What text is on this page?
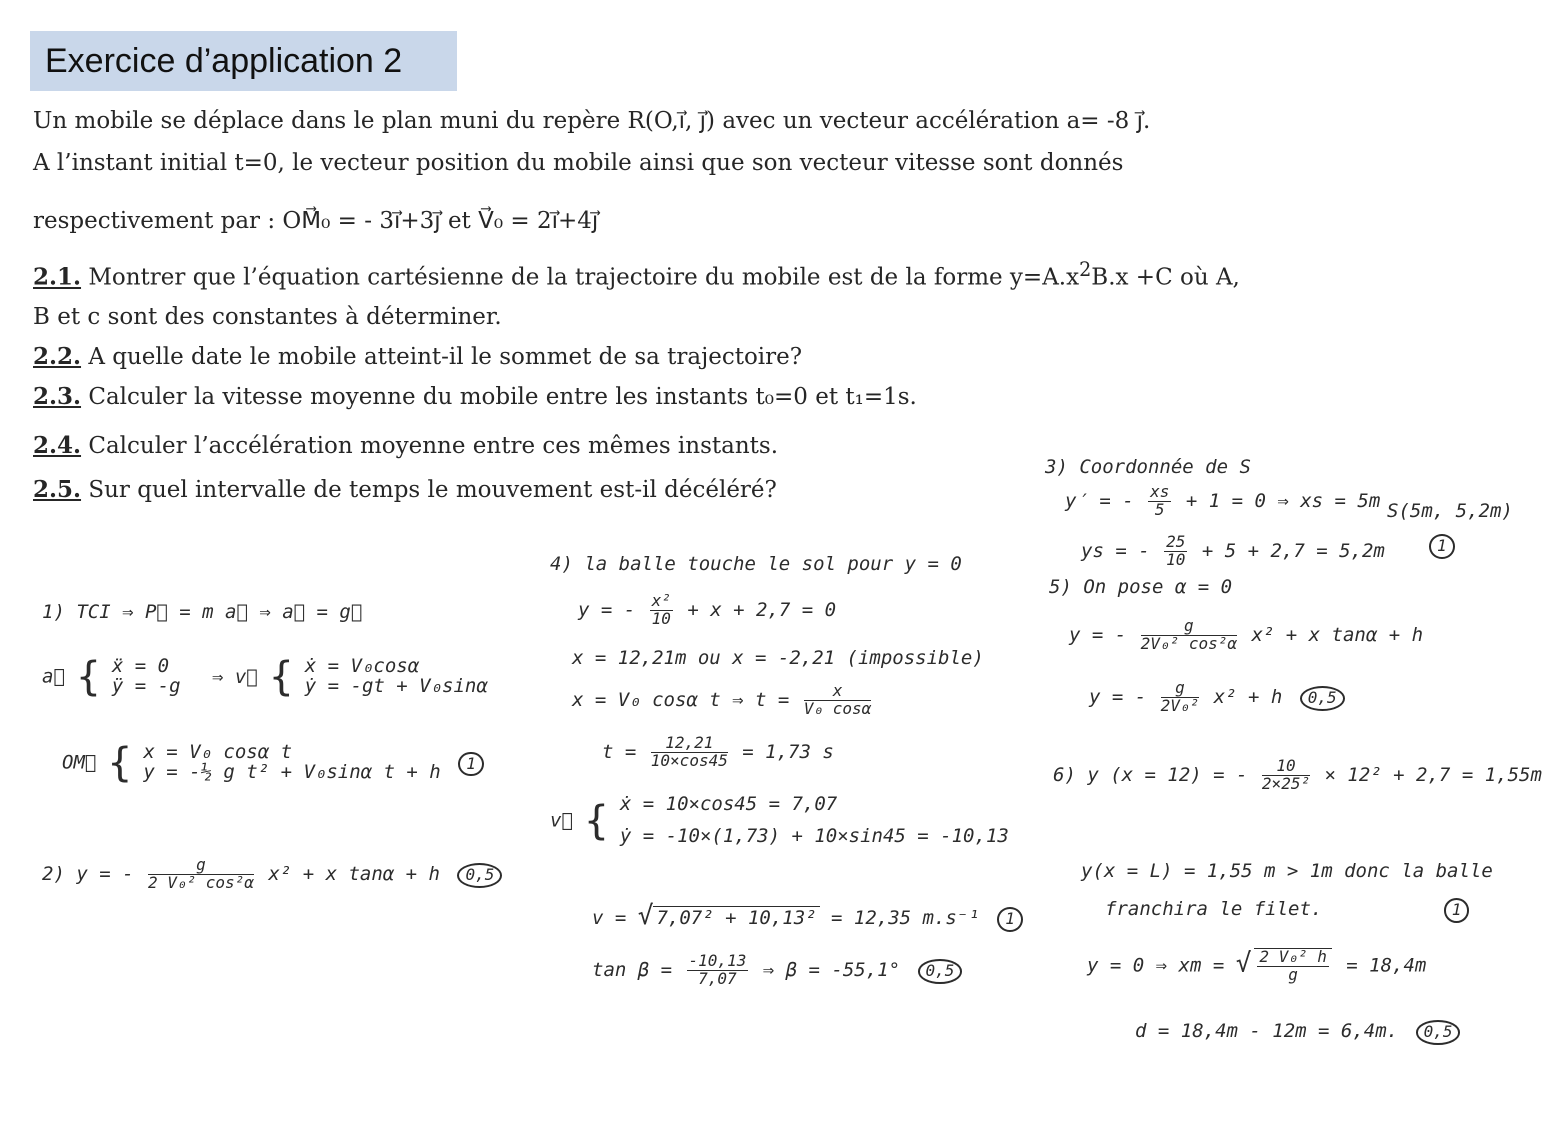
Exercice d’application 2
Un mobile se déplace dans le plan muni du repère R(O,i⃗, j⃗) avec un vecteur accélération a= -8 j⃗.
A l’instant initial t=0, le vecteur position du mobile ainsi que son vecteur vitesse sont donnés
respectivement par : OM⃗₀ = - 3i⃗+3j⃗ et V⃗₀ = 2i⃗+4j⃗
2.1. Montrer que l’équation cartésienne de la trajectoire du mobile est de la forme $y=A.x^2B.x +C$ où A,
B et c sont des constantes à déterminer.
2.2. A quelle date le mobile atteint-il le sommet de sa trajectoire?
2.3. Calculer la vitesse moyenne du mobile entre les instants t₀=0 et t₁=1s.
2.4. Calculer l’accélération moyenne entre ces mêmes instants.
2.5. Sur quel intervalle de temps le mouvement est-il décéléré?
1) TCI ⇒ P⃗ = m a⃗ ⇒ a⃗ = g⃗
a⃗ { ẍ = 0
ÿ = -g ⇒ v⃗ { ẋ = V₀cosα
ẏ = -gt + V₀sinα
OM⃗ { x = V₀ cosα t
y = -½ g t² + V₀sinα t + h 1
2) y = - $\frac{g}{\text{2 V₀² cos²α}} x^2 + x$ tanα + h 0,5
4) la balle touche le sol pour y = 0
y = - $\frac{\text{x²}}{10} + x + 2,7 = 0$
x = 12,21m ou x = -2,21 (impossible)
x = V₀ cosα t ⇒ $t = \frac{x}{\text{V₀ cosα}}$
$t = \frac{12,21}{10\times\cos 45} = 1,73$ s
v⃗ { ẋ = 10×cos45 = 7,07
ẏ = -10×(1,73) + 10×sin45 = -10,13
v = √ 7,07² + 10,13² = 12,35 m.s⁻¹ 1
$\tan \beta = \frac{-10,13}{7,07}$ ⇒ β = -55,1° 0,5
3) Coordonnée de S
y′ = - $\frac{xs}{5} + 1 = 0$ ⇒ xs = 5m
ys = - $\frac{25}{10} + 5 + 2,7 = 5,2m$
S(5m, 5,2m)
1
5) On pose α = 0
y = - $\frac{g}{\text{2V₀² cos²α}} x^2 + x$ tanα + h
y = - $\frac{g}{\text{2V₀²}} x^2 + h$ 0,5
6) y (x = 12) = - $\frac{10}{\text{2×25²}} \times 12^2 + 2,7 = 1,55m$
y(x = L) = 1,55 m > 1m donc la balle
franchira le filet.	1
y = 0 ⇒ xm = √ $\frac{\text{2 V₀² h}}{g} = 18,4m$
d = 18,4m - 12m = 6,4m. 0,5
